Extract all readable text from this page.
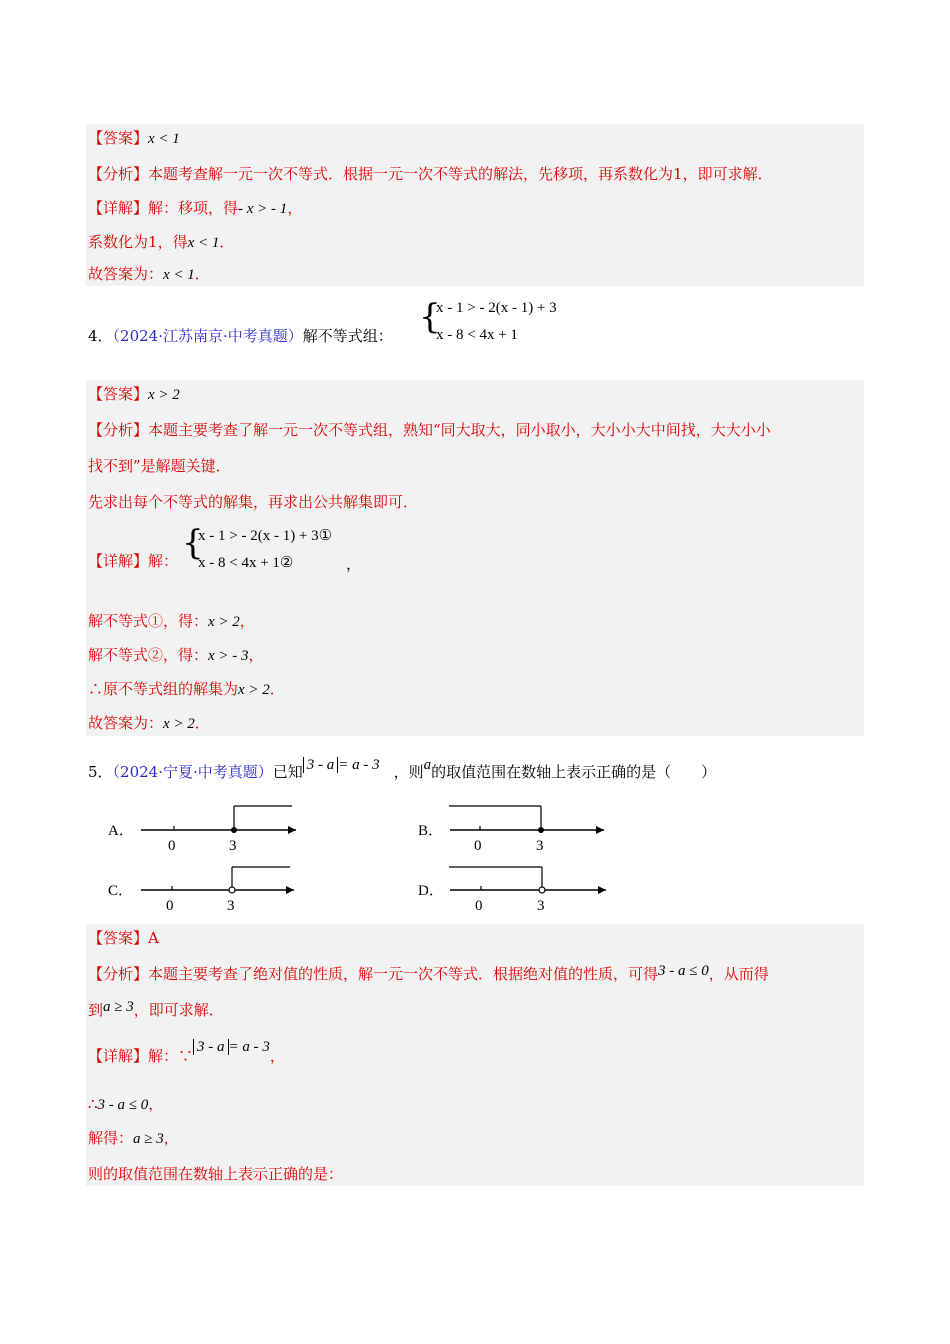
【答案】x < 1
【分析】本题考查解一元一次不等式．根据一元一次不等式的解法，先移项，再系数化为1，即可求解．
【详解】解：移项，得- x > - 1，
系数化为1，得x < 1．
故答案为：x < 1．
4．（2024·江苏南京·中考真题）解不等式组： {
x - 1 > - 2(x - 1) + 3
x - 8 < 4x + 1
【答案】x > 2
【分析】本题主要考查了解一元一次不等式组，熟知“同大取大，同小取小，大小小大中间找，大大小小
找不到”是解题关键．
先求出每个不等式的解集，再求出公共解集即可．
【详解】解： {
x - 1 > - 2(x - 1) + 3①
x - 8 < 4x + 1②	，
解不等式①，得：x > 2，
解不等式②，得：x > - 3，
∴原不等式组的解集为x > 2．
故答案为：x > 2．
5．（2024·宁夏·中考真题）已知 3 - a = a - 3 ，则a的取值范围在数轴上表示正确的是（　　）
A．
0	3
B．
0	3
C．
0	3
D．
0	3
【答案】A
【分析】本题主要考查了绝对值的性质，解一元一次不等式．根据绝对值的性质，可得3 - a ≤ 0，从而得
到a ≥ 3，即可求解．
【详解】解：∵ 3 - a = a - 3，
∴3 - a ≤ 0，
解得：a ≥ 3，
则的取值范围在数轴上表示正确的是：
